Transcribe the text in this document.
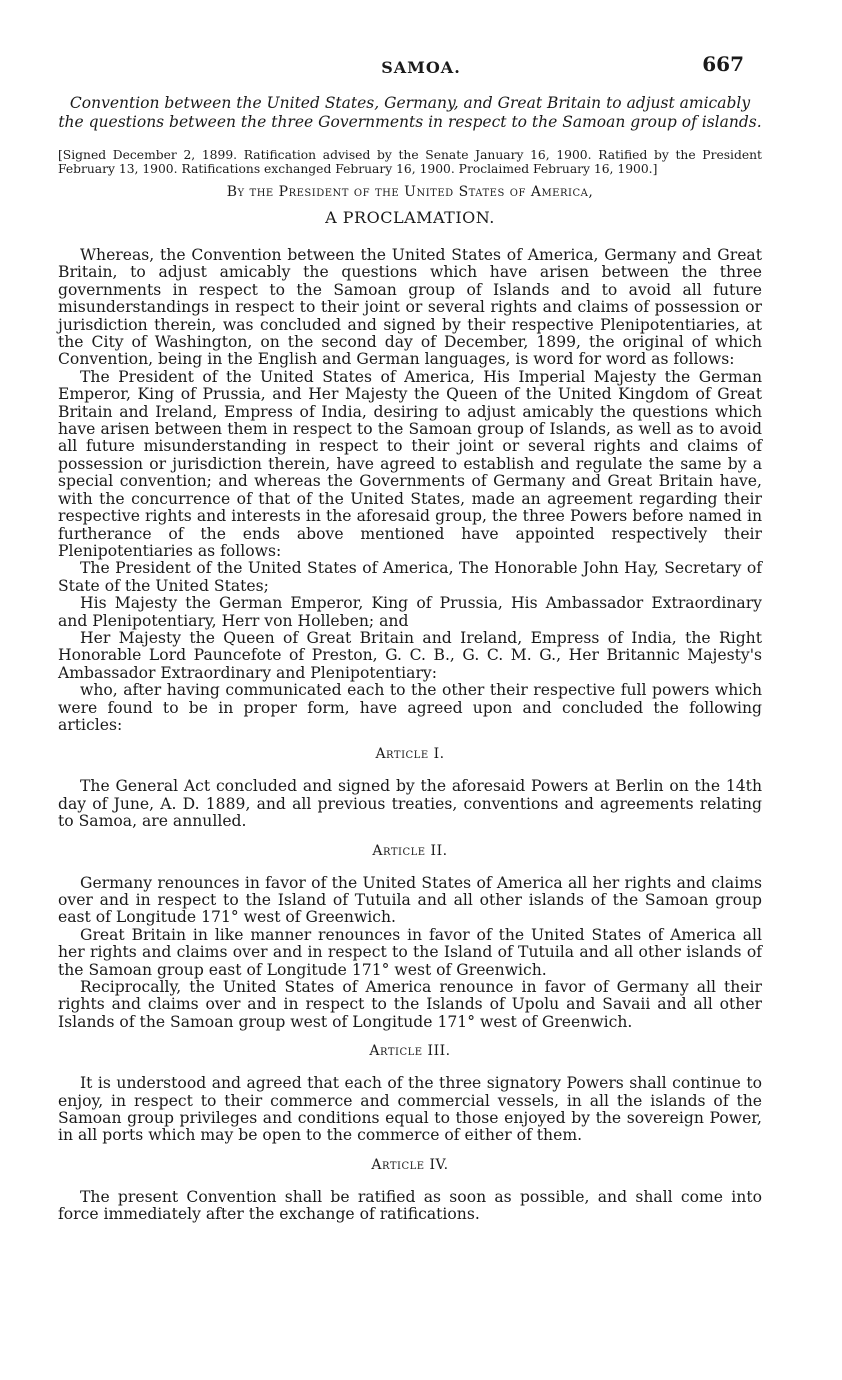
SAMOA.	667
Convention between the United States, Germany, and Great Britain to adjust amicably the questions between the three Governments in respect to the Samoan group of islands.
[Signed December 2, 1899. Ratification advised by the Senate January 16, 1900. Ratified by the President February 13, 1900. Ratifications exchanged February 16, 1900. Proclaimed February 16, 1900.]
By the President of the United States of America,
A PROCLAMATION.

Whereas, the Convention between the United States of America, Germany and Great Britain, to adjust amicably the questions which have arisen between the three governments in respect to the Samoan group of Islands and to avoid all future misunderstandings in respect to their joint or several rights and claims of possession or jurisdiction therein, was concluded and signed by their respective Plenipotentiaries, at the City of Washington, on the second day of December, 1899, the original of which Convention, being in the English and German languages, is word for word as follows:

The President of the United States of America, His Imperial Majesty the German Emperor, King of Prussia, and Her Majesty the Queen of the United Kingdom of Great Britain and Ireland, Empress of India, desiring to adjust amicably the questions which have arisen between them in respect to the Samoan group of Islands, as well as to avoid all future misunderstanding in respect to their joint or several rights and claims of possession or jurisdiction therein, have agreed to establish and regulate the same by a special convention; and whereas the Governments of Germany and Great Britain have, with the concurrence of that of the United States, made an agreement regarding their respective rights and interests in the aforesaid group, the three Powers before named in furtherance of the ends above mentioned have appointed respectively their Plenipotentiaries as follows:

The President of the United States of America, The Honorable John Hay, Secretary of State of the United States;

His Majesty the German Emperor, King of Prussia, His Ambassador Extraordinary and Plenipotentiary, Herr von Holleben; and

Her Majesty the Queen of Great Britain and Ireland, Empress of India, the Right Honorable Lord Pauncefote of Preston, G. C. B., G. C. M. G., Her Britannic Majesty's Ambassador Extraordinary and Plenipotentiary:

who, after having communicated each to the other their respective full powers which were found to be in proper form, have agreed upon and concluded the following articles:

Article I.

The General Act concluded and signed by the aforesaid Powers at Berlin on the 14th day of June, A. D. 1889, and all previous treaties, conventions and agreements relating to Samoa, are annulled.

Article II.

Germany renounces in favor of the United States of America all her rights and claims over and in respect to the Island of Tutuila and all other islands of the Samoan group east of Longitude 171° west of Greenwich.

Great Britain in like manner renounces in favor of the United States of America all her rights and claims over and in respect to the Island of Tutuila and all other islands of the Samoan group east of Longitude 171° west of Greenwich.

Reciprocally, the United States of America renounce in favor of Germany all their rights and claims over and in respect to the Islands of Upolu and Savaii and all other Islands of the Samoan group west of Longitude 171° west of Greenwich.

Article III.

It is understood and agreed that each of the three signatory Powers shall continue to enjoy, in respect to their commerce and commercial vessels, in all the islands of the Samoan group privileges and conditions equal to those enjoyed by the sovereign Power, in all ports which may be open to the commerce of either of them.

Article IV.

The present Convention shall be ratified as soon as possible, and shall come into force immediately after the exchange of ratifications.
